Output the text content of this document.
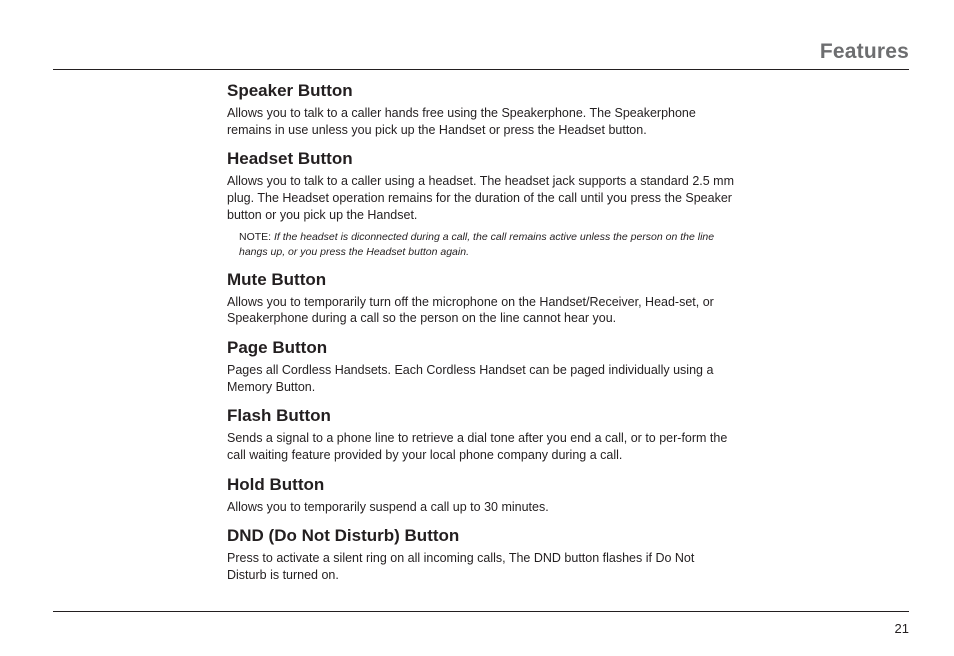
Features
Speaker Button

Allows you to talk to a caller hands free using the Speakerphone. The Speakerphone remains in use unless you pick up the Handset or press the Headset button.

Headset Button

Allows you to talk to a caller using a headset. The headset jack supports a standard 2.5 mm plug. The Headset operation remains for the duration of the call until you press the Speaker button or you pick up the Handset.

NOTE: If the headset is diconnected during a call, the call remains active unless the person on the line hangs up, or you press the Headset button again.

Mute Button

Allows you to temporarily turn off the microphone on the Handset/Receiver, Head-set, or Speakerphone during a call so the person on the line cannot hear you.

Page Button

Pages all Cordless Handsets. Each Cordless Handset can be paged individually using a Memory Button.

Flash Button

Sends a signal to a phone line to retrieve a dial tone after you end a call, or to per-form the call waiting feature provided by your local phone company during a call.

Hold Button

Allows you to temporarily suspend a call up to 30 minutes.

DND (Do Not Disturb) Button

Press to activate a silent ring on all incoming calls, The DND button flashes if Do Not Disturb is turned on.

21
